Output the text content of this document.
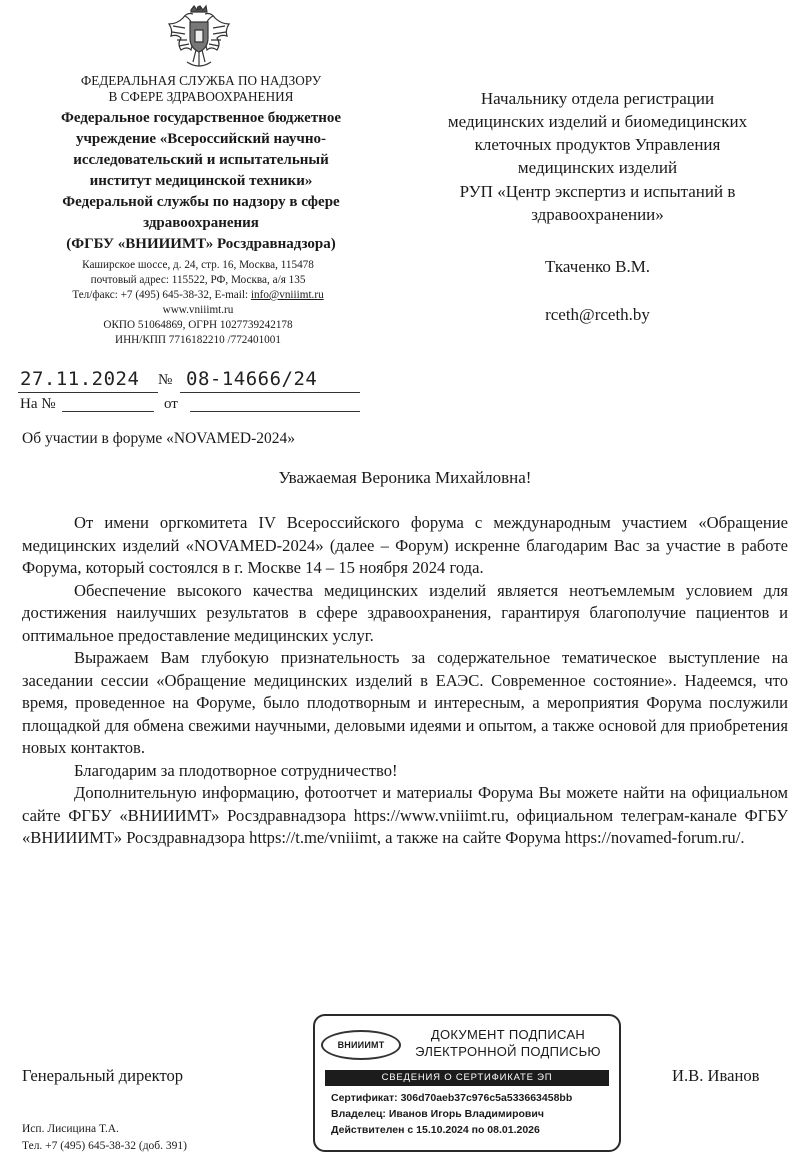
ФЕДЕРАЛЬНАЯ СЛУЖБА ПО НАДЗОРУ
В СФЕРЕ ЗДРАВООХРАНЕНИЯ
Федеральное государственное бюджетное
учреждение «Всероссийский научно-
исследовательский и испытательный
институт медицинской техники»
Федеральной службы по надзору в сфере
здравоохранения
(ФГБУ «ВНИИИМТ» Росздравнадзора)
Каширское шоссе, д. 24, стр. 16, Москва, 115478
почтовый адрес: 115522, РФ, Москва, а/я 135
Тел/факс: +7 (495) 645-38-32, E-mail: info@vniiimt.ru
www.vniiimt.ru
ОКПО 51064869, ОГРН 1027739242178
ИНН/КПП 7716182210 /772401001
Начальнику отдела регистрации
медицинских изделий и биомедицинских
клеточных продуктов Управления
медицинских изделий
РУП «Центр экспертиз и испытаний в
здравоохранении»
Ткаченко В.М.
rceth@rceth.by
27.11.2024 № 08-14666/24
На №	от
Об участии в форуме «NOVAMED-2024»
Уважаемая Вероника Михайловна!

От имени оргкомитета IV Всероссийского форума с международным участием «Обращение медицинских изделий «NOVAMED-2024» (далее – Форум) искренне благодарим Вас за участие в работе Форума, который состоялся в г. Москве 14 – 15 ноября 2024 года.

Обеспечение высокого качества медицинских изделий является неотъемлемым условием для достижения наилучших результатов в сфере здравоохранения, гарантируя благополучие пациентов и оптимальное предоставление медицинских услуг.

Выражаем Вам глубокую признательность за содержательное тематическое выступление на заседании сессии «Обращение медицинских изделий в ЕАЭС. Современное состояние». Надеемся, что время, проведенное на Форуме, было плодотворным и интересным, а мероприятия Форума послужили площадкой для обмена свежими научными, деловыми идеями и опытом, а также основой для приобретения новых контактов.

Благодарим за плодотворное сотрудничество!

Дополнительную информацию, фотоотчет и материалы Форума Вы можете найти на официальном сайте ФГБУ «ВНИИИМТ» Росздравнадзора https://www.vniiimt.ru, официальном телеграм-канале ФГБУ «ВНИИИМТ» Росздравнадзора https://t.me/vniiimt, а также на сайте Форума https://novamed-forum.ru/.

Генеральный директор	И.В. Иванов
ВНИИИМТ
ДОКУМЕНТ ПОДПИСАН
ЭЛЕКТРОННОЙ ПОДПИСЬЮ
СВЕДЕНИЯ О СЕРТИФИКАТЕ ЭП
Сертификат: 306d70aeb37c976c5a533663458bb
Владелец: Иванов Игорь Владимирович
Действителен с 15.10.2024 по 08.01.2026
Исп. Лисицина Т.А.
Тел. +7 (495) 645-38-32 (доб. 391)
